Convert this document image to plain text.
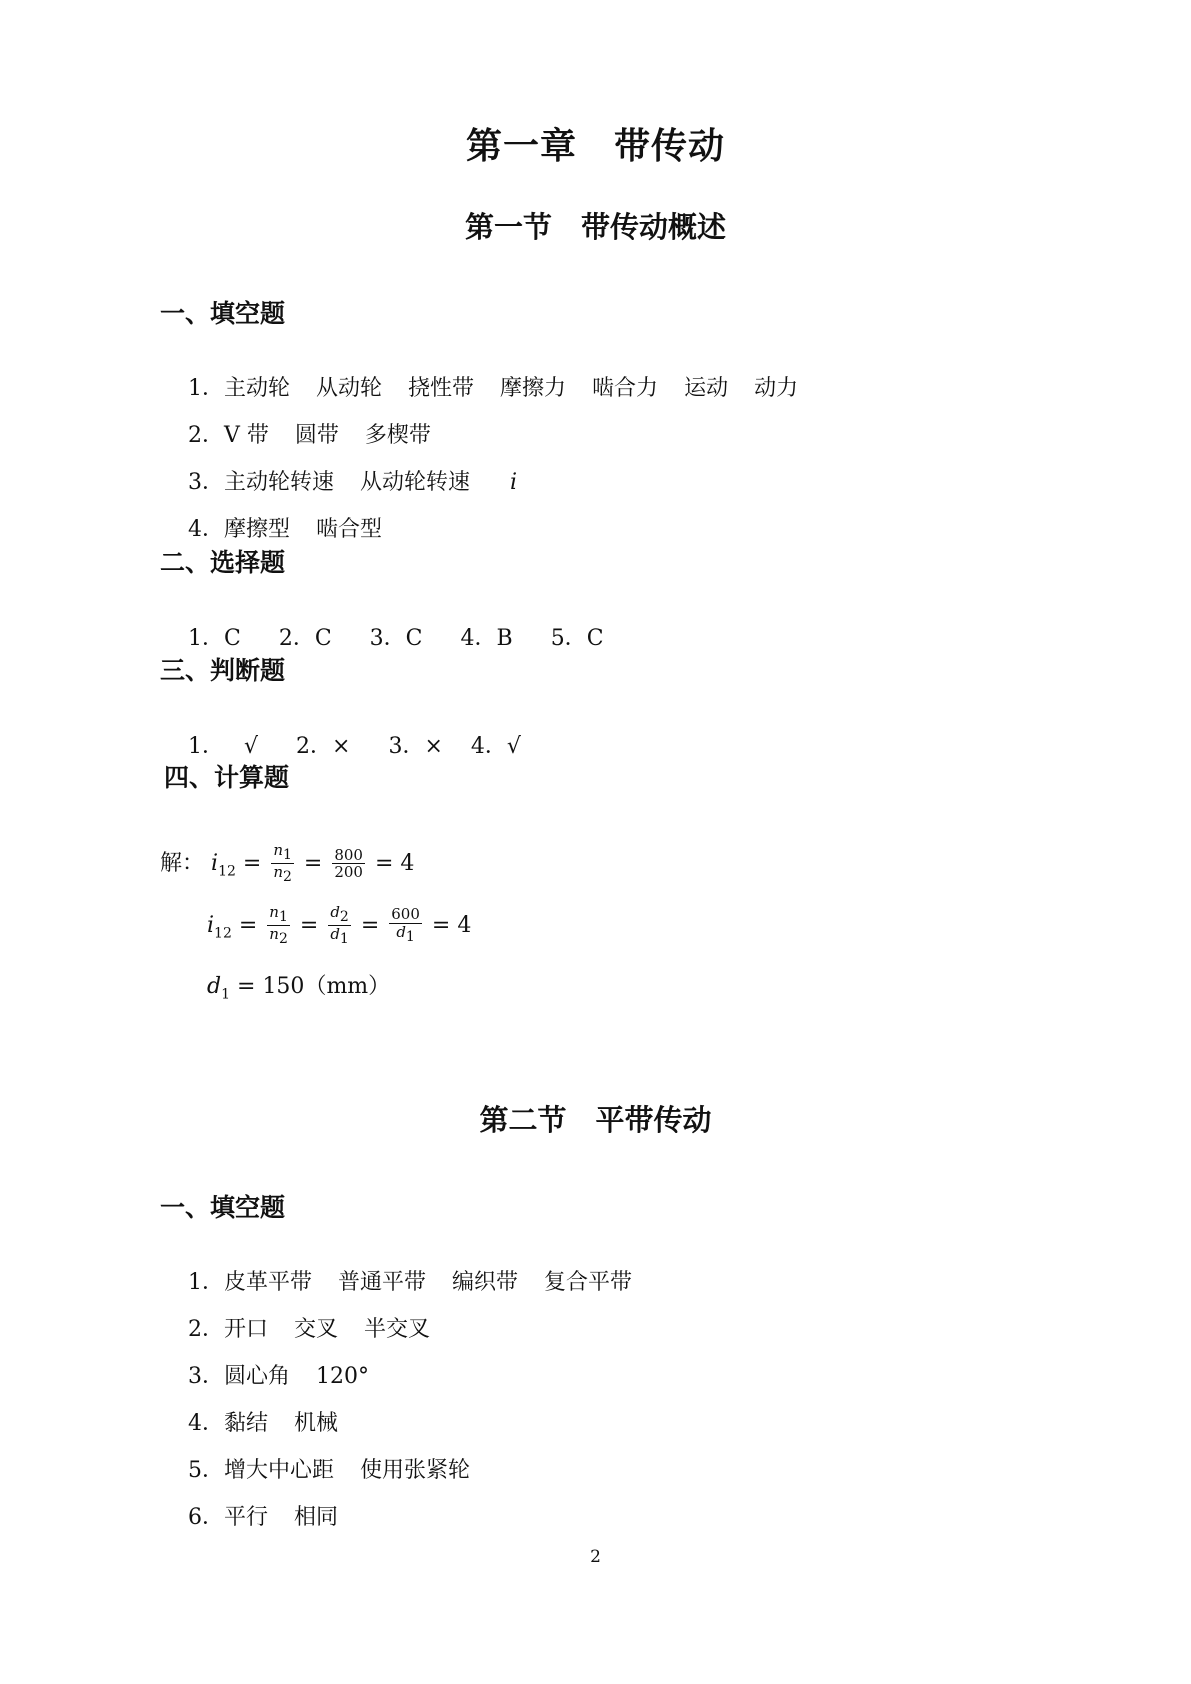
第一章　带传动
第一节　带传动概述
一、填空题

1．主动轮 从动轮 挠性带 摩擦力 啮合力 运动 动力

2．V 带 圆带 多楔带

3．主动轮转速 从动轮转速 i

4．摩擦型 啮合型

二、选择题

1．C 2．C 3．C 4．B 5．C

三、判断题

1． √ 2．× 3．× 4．√

四、计算题
解： $i_{12} = \frac{n_1}{n_2} = \frac{800}{200} = 4$
$i_{12} = \frac{n_1}{n_2} = \frac{d_2}{d_1} = \frac{600}{d_1} = 4$
$d_1 = 150(mm)$
第二节　平带传动
一、填空题

1．皮革平带 普通平带 编织带 复合平带

2．开口 交叉 半交叉

3．圆心角 120°

4．黏结 机械

5．增大中心距 使用张紧轮

6．平行 相同

2
